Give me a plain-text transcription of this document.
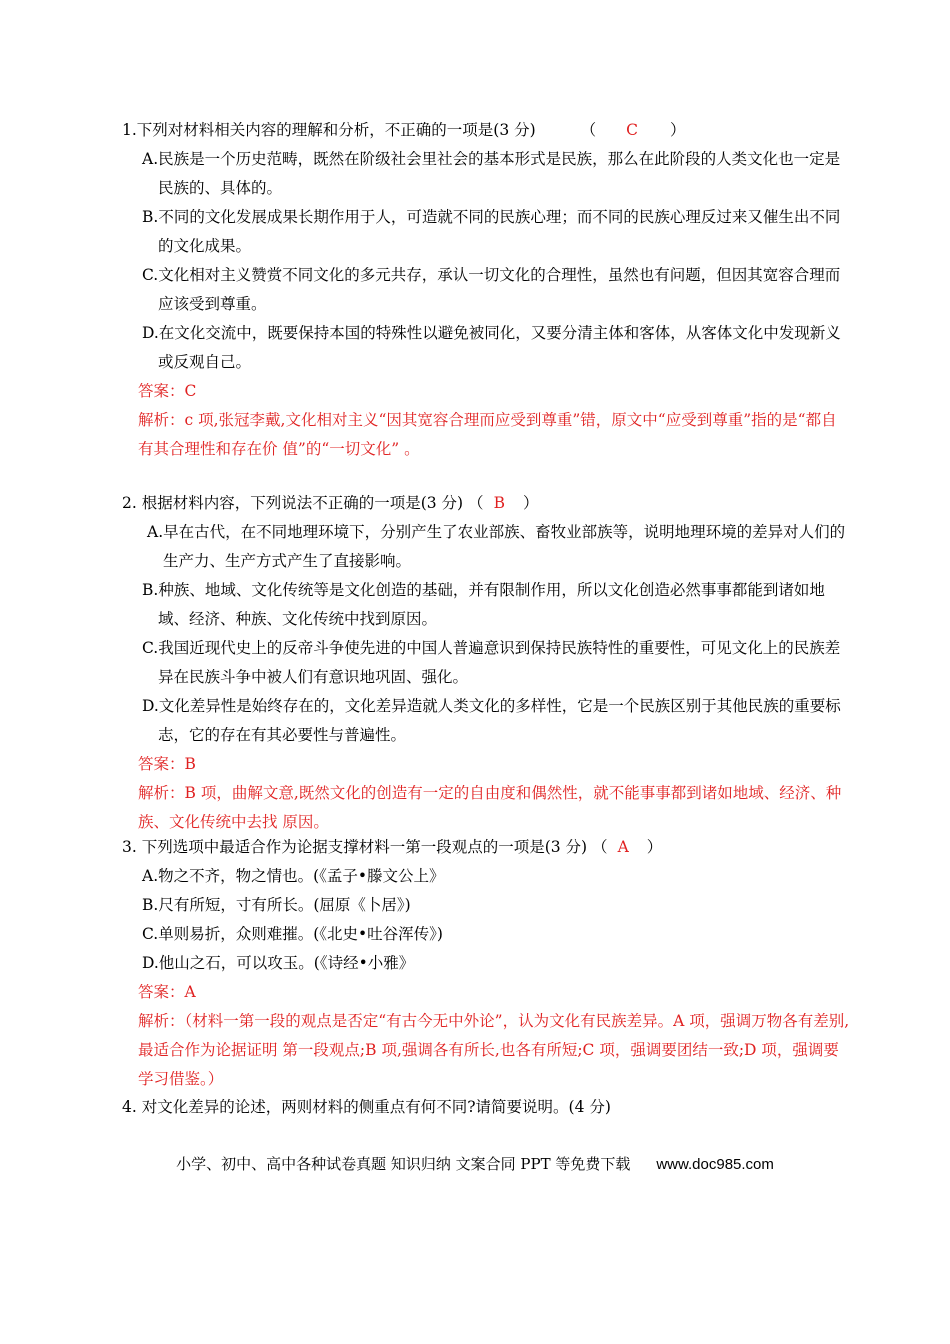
1.下列对材料相关内容的理解和分析，不正确的一项是(3 分)	（ C ）
A.民族是一个历史范畴，既然在阶级社会里社会的基本形式是民族，那么在此阶段的人类文化也一定是民族的、具体的。
B.不同的文化发展成果长期作用于人，可造就不同的民族心理；而不同的民族心理反过来又催生出不同的文化成果。
C.文化相对主义赞赏不同文化的多元共存，承认一切文化的合理性，虽然也有问题，但因其宽容合理而应该受到尊重。
D.在文化交流中，既要保持本国的特殊性以避免被同化，又要分清主体和客体，从客体文化中发现新义或反观自己。
答案：C
解析：c 项,张冠李戴,文化相对主义“因其宽容合理而应受到尊重”错，原文中“应受到尊重”指的是“都自有其合理性和存在价 值”的“一切文化” 。
2. 根据材料内容，下列说法不正确的一项是(3 分) （ B ）
A.早在古代，在不同地理环境下，分别产生了农业部族、畜牧业部族等，说明地理环境的差异对人们的生产力、生产方式产生了直接影响。
B.种族、地域、文化传统等是文化创造的基础，并有限制作用，所以文化创造必然事事都能到诸如地域、经济、种族、文化传统中找到原因。
C.我国近现代史上的反帝斗争使先进的中国人普遍意识到保持民族特性的重要性，可见文化上的民族差异在民族斗争中被人们有意识地巩固、强化。
D.文化差异性是始终存在的，文化差异造就人类文化的多样性，它是一个民族区别于其他民族的重要标志，它的存在有其必要性与普遍性。
答案：B
解析：B 项，曲解文意,既然文化的创造有一定的自由度和偶然性，就不能事事都到诸如地域、经济、种族、文化传统中去找 原因。
3. 下列选项中最适合作为论据支撑材料一第一段观点的一项是(3 分) （ A ）
A.物之不齐，物之情也。(《孟子•滕文公上》
B.尺有所短，寸有所长。(屈原《卜居》)
C.单则易折，众则难摧。(《北史•吐谷浑传》)
D.他山之石，可以攻玉。(《诗经•小雅》
答案：A
解析：（材料一第一段的观点是否定“有古今无中外论”，认为文化有民族差异。A 项，强调万物各有差别,最适合作为论据证明 第一段观点;B 项,强调各有所长,也各有所短;C 项，强调要团结一致;D 项，强调要学习借鉴。）
4. 对文化差异的论述，两则材料的侧重点有何不同?请简要说明。(4 分)
小学、初中、高中各种试卷真题 知识归纳 文案合同 PPT 等免费下载 www.doc985.com
